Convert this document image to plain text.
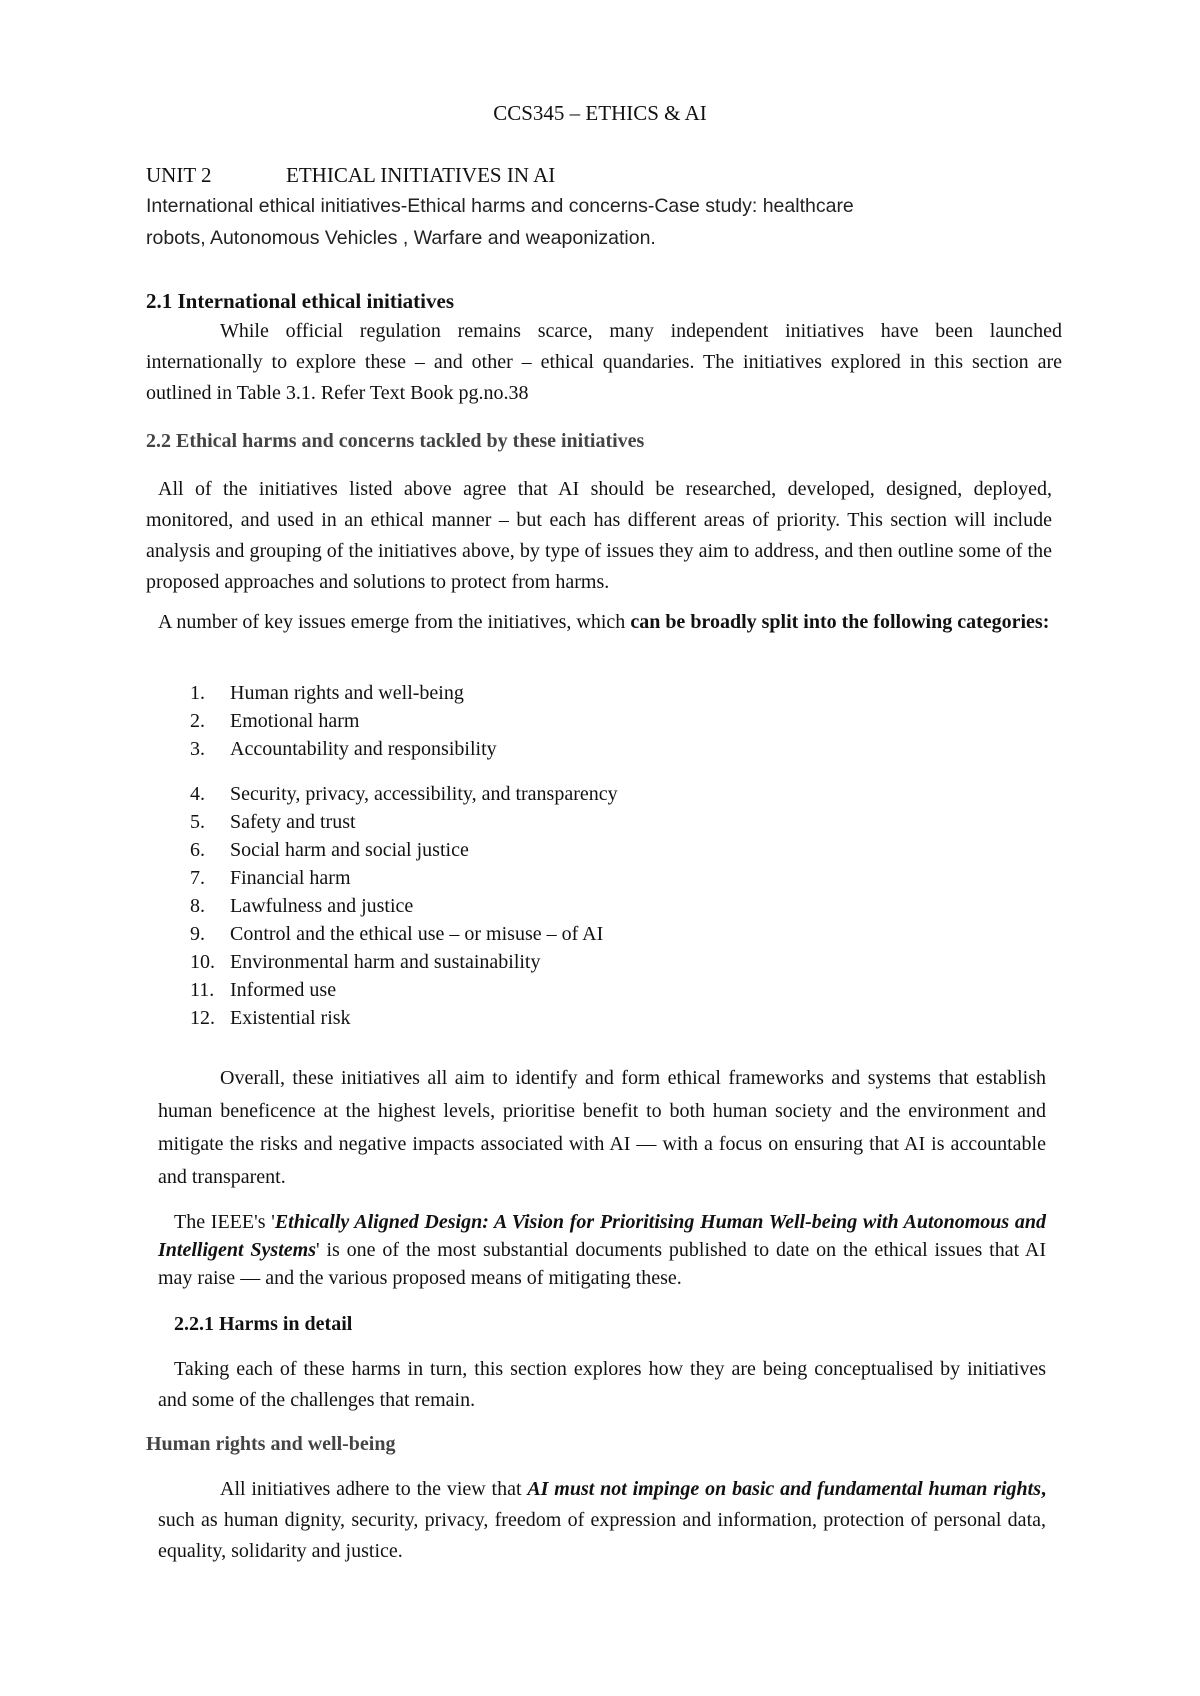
CCS345 – ETHICS & AI
UNIT 2	ETHICAL INITIATIVES IN AI
International ethical initiatives-Ethical harms and concerns-Case study: healthcare
robots, Autonomous Vehicles , Warfare and weaponization.
2.1 International ethical initiatives
While official regulation remains scarce, many independent initiatives have been launched internationally to explore these – and other – ethical quandaries. The initiatives explored in this section are outlined in Table 3.1. Refer Text Book pg.no.38
2.2 Ethical harms and concerns tackled by these initiatives
All of the initiatives listed above agree that AI should be researched, developed, designed, deployed, monitored, and used in an ethical manner – but each has different areas of priority. This section will include analysis and grouping of the initiatives above, by type of issues they aim to address, and then outline some of the proposed approaches and solutions to protect from harms.
A number of key issues emerge from the initiatives, which can be broadly split into the following categories:
1.	Human rights and well-being
2.	Emotional harm
3.	Accountability and responsibility
4.	Security, privacy, accessibility, and transparency
5.	Safety and trust
6.	Social harm and social justice
7.	Financial harm
8.	Lawfulness and justice
9.	Control and the ethical use – or misuse – of AI
10. Environmental harm and sustainability
11. Informed use
12. Existential risk
Overall, these initiatives all aim to identify and form ethical frameworks and systems that establish human beneficence at the highest levels, prioritise benefit to both human society and the environment and mitigate the risks and negative impacts associated with AI — with a focus on ensuring that AI is accountable and transparent.
The IEEE's 'Ethically Aligned Design: A Vision for Prioritising Human Well-being with Autonomous and Intelligent Systems' is one of the most substantial documents published to date on the ethical issues that AI may raise — and the various proposed means of mitigating these.
2.2.1 Harms in detail
Taking each of these harms in turn, this section explores how they are being conceptualised by initiatives and some of the challenges that remain.
Human rights and well-being
All initiatives adhere to the view that AI must not impinge on basic and fundamental human rights, such as human dignity, security, privacy, freedom of expression and information, protection of personal data, equality, solidarity and justice.
